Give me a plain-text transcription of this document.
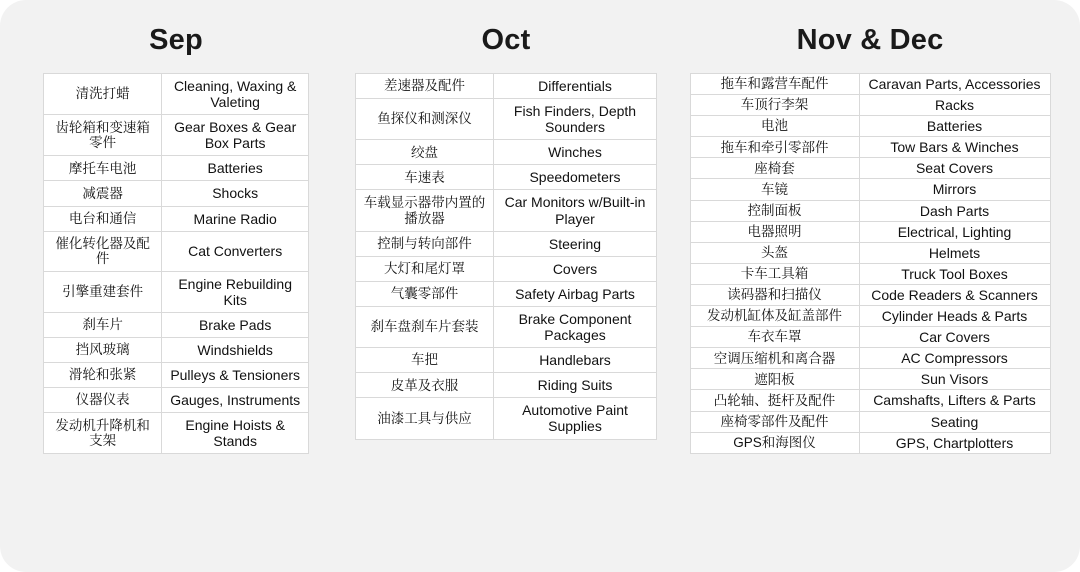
Sep
清洗打蜡	Cleaning, Waxing & Valeting
齿轮箱和变速箱零件	Gear Boxes & Gear Box Parts
摩托车电池	Batteries
减震器	Shocks
电台和通信	Marine Radio
催化转化器及配件	Cat Converters
引擎重建套件	Engine Rebuilding Kits
刹车片	Brake Pads
挡风玻璃	Windshields
滑轮和张紧	Pulleys & Tensioners
仪器仪表	Gauges, Instruments
发动机升降机和支架	Engine Hoists & Stands
Oct
差速器及配件	Differentials
鱼探仪和测深仪	Fish Finders, Depth Sounders
绞盘	Winches
车速表	Speedometers
车载显示器带内置的播放器	Car Monitors w/Built-in Player
控制与转向部件	Steering
大灯和尾灯罩	Covers
气囊零部件	Safety Airbag Parts
刹车盘刹车片套装	Brake Component Packages
车把	Handlebars
皮革及衣服	Riding Suits
油漆工具与供应	Automotive Paint Supplies
Nov & Dec
拖车和露营车配件	Caravan Parts, Accessories
车顶行李架	Racks
电池	Batteries
拖车和牵引零部件	Tow Bars & Winches
座椅套	Seat Covers
车镜	Mirrors
控制面板	Dash Parts
电器照明	Electrical, Lighting
头盔	Helmets
卡车工具箱	Truck Tool Boxes
读码器和扫描仪	Code Readers & Scanners
发动机缸体及缸盖部件	Cylinder Heads & Parts
车衣车罩	Car Covers
空调压缩机和离合器	AC Compressors
遮阳板	Sun Visors
凸轮轴、挺杆及配件	Camshafts, Lifters & Parts
座椅零部件及配件	Seating
GPS和海图仪	GPS, Chartplotters
